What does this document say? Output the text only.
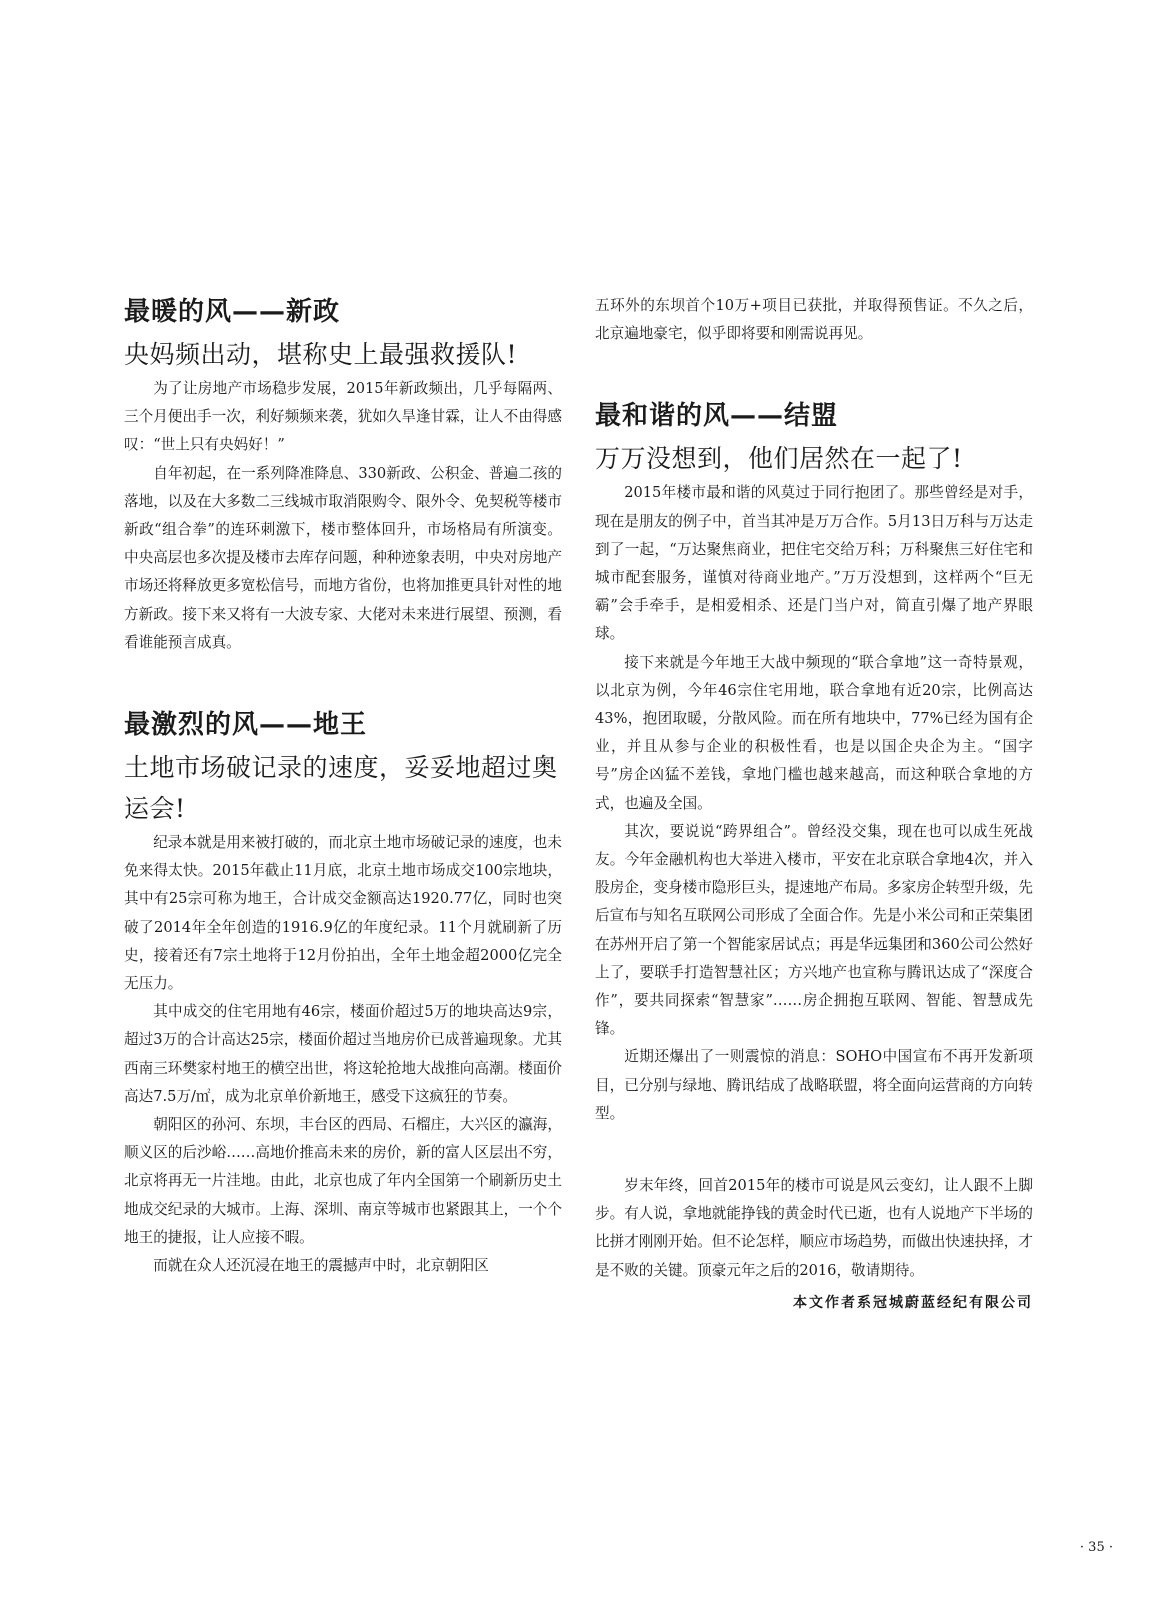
最暖的风——新政
央妈频出动，堪称史上最强救援队!

为了让房地产市场稳步发展，2015年新政频出，几乎每隔两、三个月便出手一次，利好频频来袭，犹如久旱逢甘霖，让人不由得感叹：“世上只有央妈好！”

自年初起，在一系列降准降息、330新政、公积金、普遍二孩的落地，以及在大多数二三线城市取消限购令、限外令、免契税等楼市新政“组合拳”的连环刺激下，楼市整体回升，市场格局有所演变。中央高层也多次提及楼市去库存问题，种种迹象表明，中央对房地产市场还将释放更多宽松信号，而地方省份，也将加推更具针对性的地方新政。接下来又将有一大波专家、大佬对未来进行展望、预测，看看谁能预言成真。

最激烈的风——地王
土地市场破记录的速度，妥妥地超过奥运会!

纪录本就是用来被打破的，而北京土地市场破记录的速度，也未免来得太快。2015年截止11月底，北京土地市场成交100宗地块，其中有25宗可称为地王，合计成交金额高达1920.77亿，同时也突破了2014年全年创造的1916.9亿的年度纪录。11个月就刷新了历史，接着还有7宗土地将于12月份拍出，全年土地金超2000亿完全无压力。

其中成交的住宅用地有46宗，楼面价超过5万的地块高达9宗，超过3万的合计高达25宗，楼面价超过当地房价已成普遍现象。尤其西南三环樊家村地王的横空出世，将这轮抢地大战推向高潮。楼面价高达7.5万/㎡，成为北京单价新地王，感受下这疯狂的节奏。

朝阳区的孙河、东坝，丰台区的西局、石榴庄，大兴区的瀛海，顺义区的后沙峪……高地价推高未来的房价，新的富人区层出不穷，北京将再无一片洼地。由此，北京也成了年内全国第一个刷新历史土地成交纪录的大城市。上海、深圳、南京等城市也紧跟其上，一个个地王的捷报，让人应接不暇。

而就在众人还沉浸在地王的震撼声中时，北京朝阳区

五环外的东坝首个10万+项目已获批，并取得预售证。不久之后，北京遍地豪宅，似乎即将要和刚需说再见。

最和谐的风——结盟
万万没想到，他们居然在一起了!

2015年楼市最和谐的风莫过于同行抱团了。那些曾经是对手，现在是朋友的例子中，首当其冲是万万合作。5月13日万科与万达走到了一起，“万达聚焦商业，把住宅交给万科；万科聚焦三好住宅和城市配套服务，谨慎对待商业地产。”万万没想到，这样两个“巨无霸”会手牵手，是相爱相杀、还是门当户对，简直引爆了地产界眼球。

接下来就是今年地王大战中频现的“联合拿地”这一奇特景观，以北京为例，今年46宗住宅用地，联合拿地有近20宗，比例高达43%，抱团取暖，分散风险。而在所有地块中，77%已经为国有企业，并且从参与企业的积极性看，也是以国企央企为主。“国字号”房企凶猛不差钱，拿地门槛也越来越高，而这种联合拿地的方式，也遍及全国。

其次，要说说“跨界组合”。曾经没交集，现在也可以成生死战友。今年金融机构也大举进入楼市，平安在北京联合拿地4次，并入股房企，变身楼市隐形巨头，提速地产布局。多家房企转型升级，先后宣布与知名互联网公司形成了全面合作。先是小米公司和正荣集团在苏州开启了第一个智能家居试点；再是华远集团和360公司公然好上了，要联手打造智慧社区；方兴地产也宣称与腾讯达成了“深度合作”，要共同探索“智慧家”……房企拥抱互联网、智能、智慧成先锋。

近期还爆出了一则震惊的消息：SOHO中国宣布不再开发新项目，已分别与绿地、腾讯结成了战略联盟，将全面向运营商的方向转型。

岁末年终，回首2015年的楼市可说是风云变幻，让人跟不上脚步。有人说，拿地就能挣钱的黄金时代已逝，也有人说地产下半场的比拼才刚刚开始。但不论怎样，顺应市场趋势，而做出快速抉择，才是不败的关键。顶豪元年之后的2016，敬请期待。

本文作者系冠城蔚蓝经纪有限公司
· 35 ·
